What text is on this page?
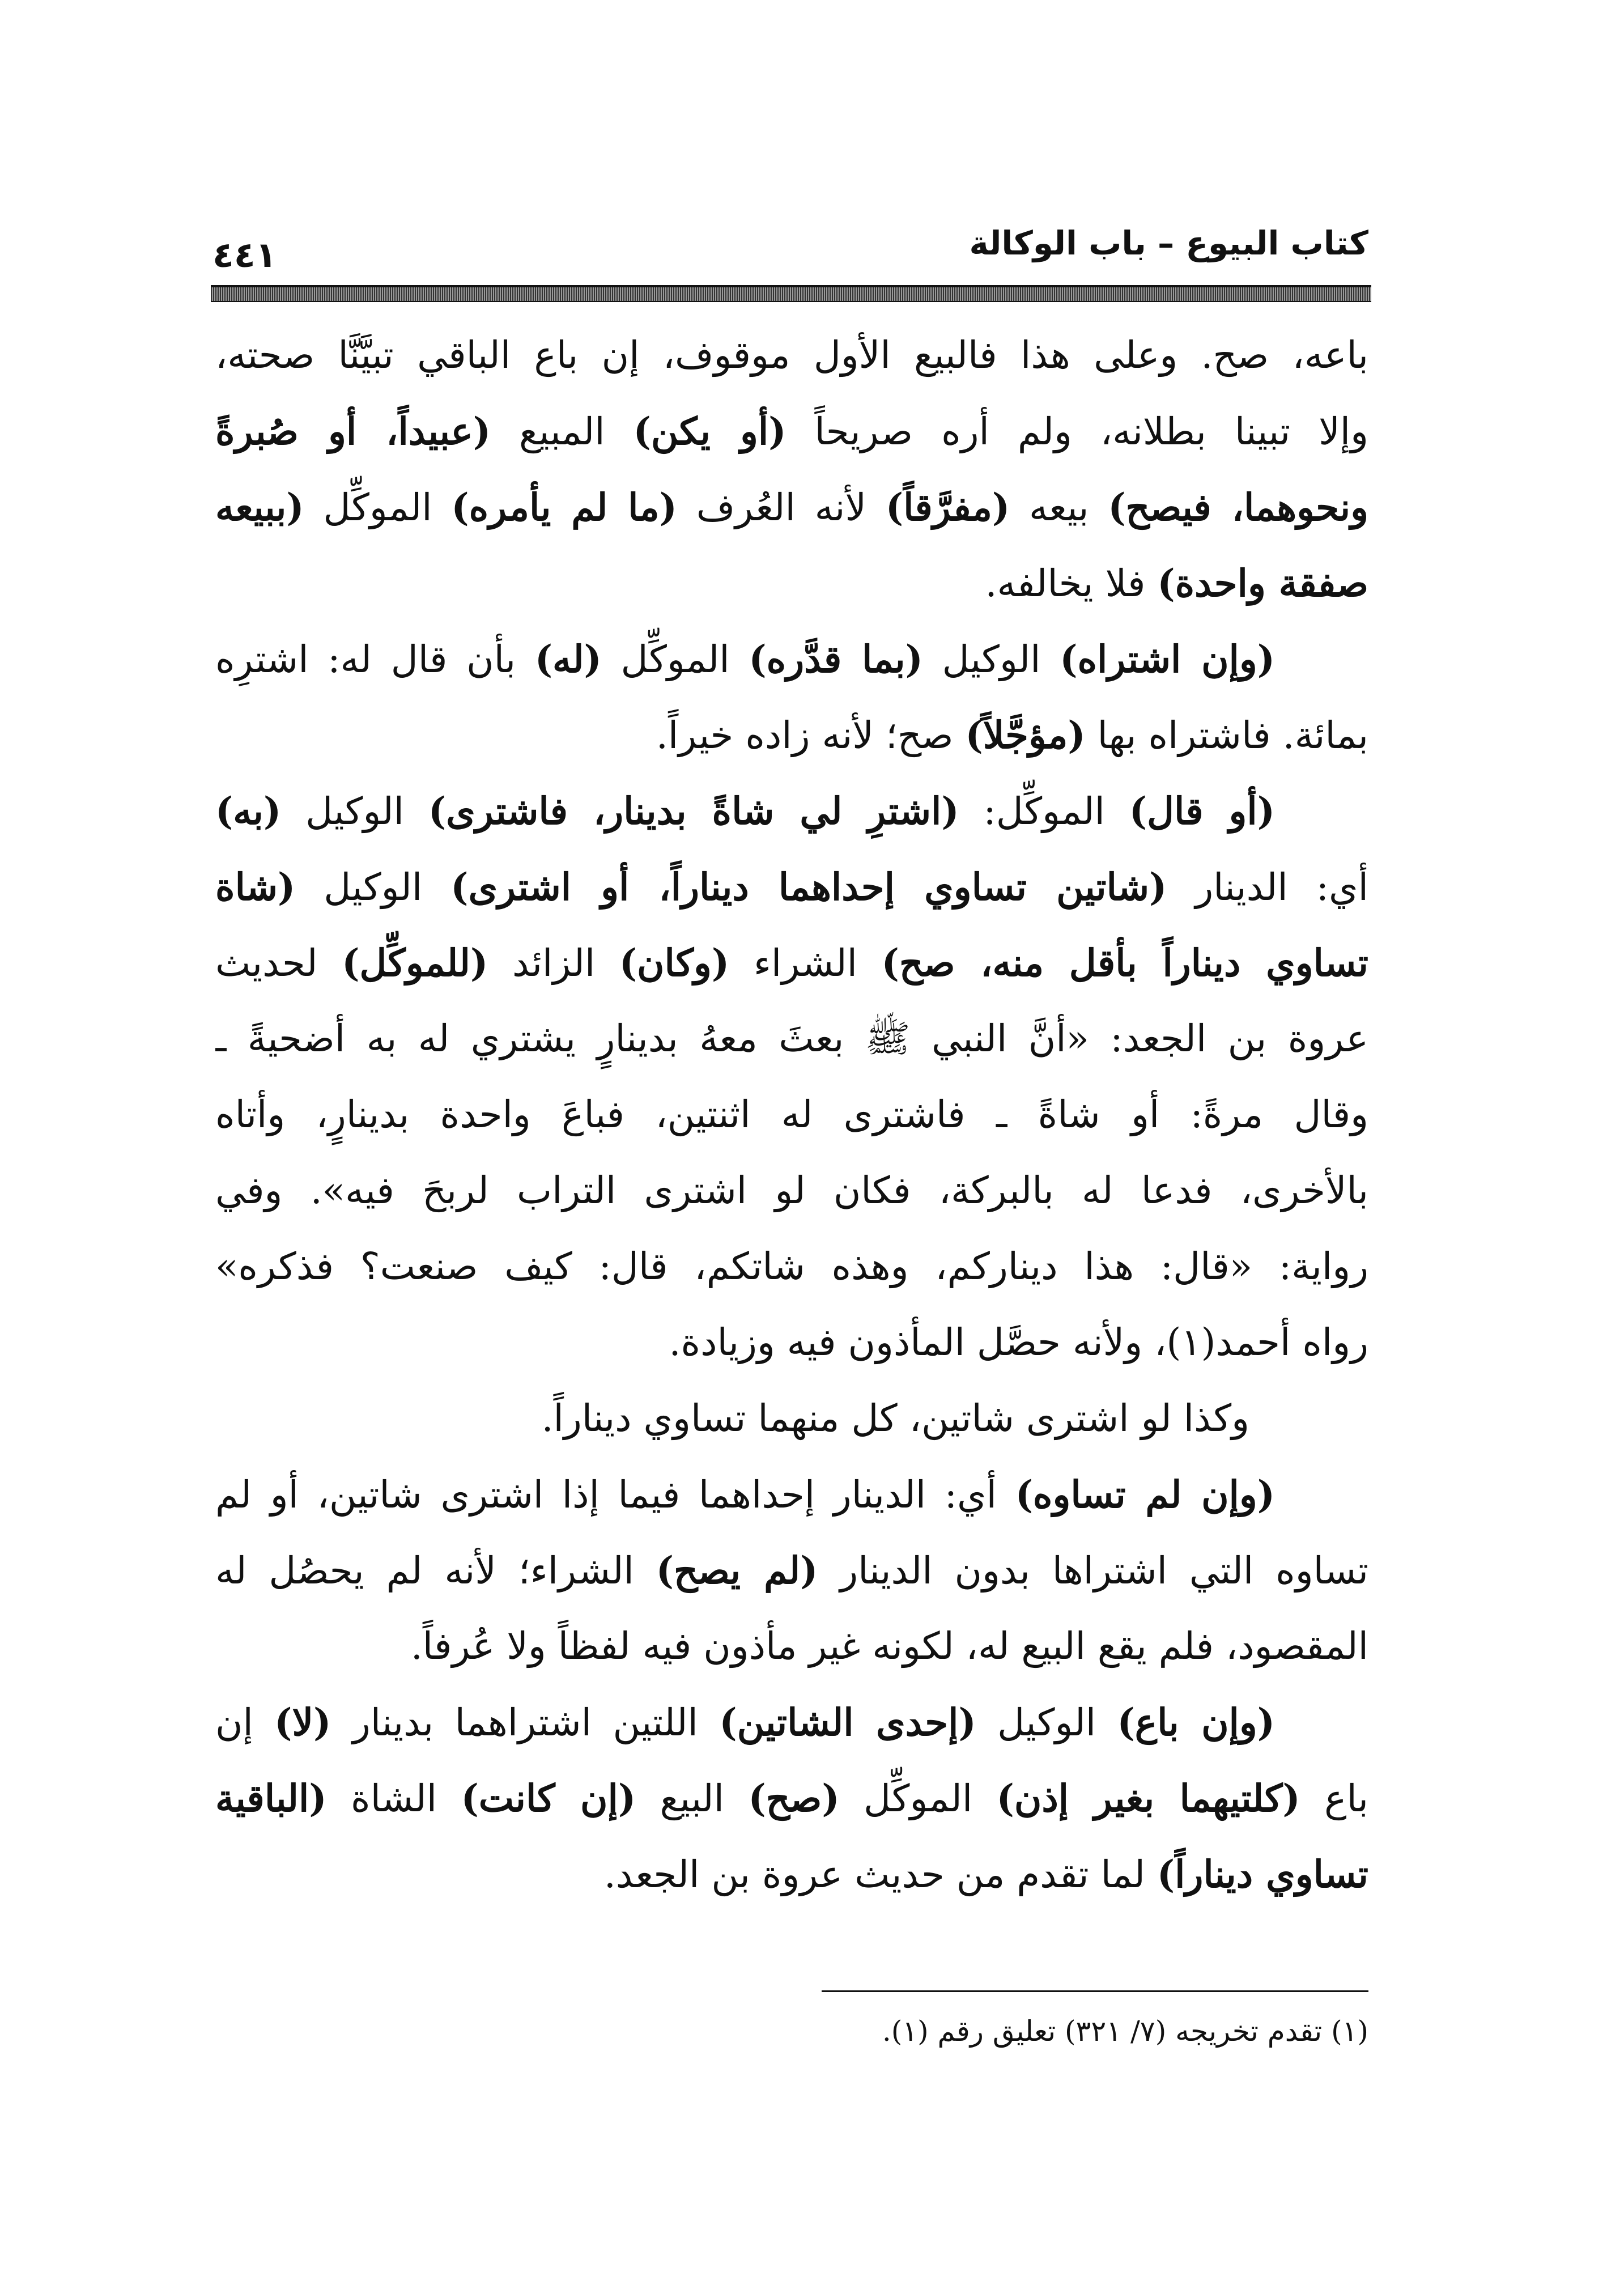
كتاب البيوع – باب الوكالة
٤٤١
باعه، صح. وعلى هذا فالبيع الأول موقوف، إن باع الباقي تبيَّنَّا صحته،
وإلا تبينا بطلانه، ولم أره صريحاً (أو يكن) المبيع (عبيداً، أو صُبرةً
ونحوهما، فيصح) بيعه (مفرَّقاً) لأنه العُرف (ما لم يأمره) الموكِّل (ببيعه
صفقة واحدة) فلا يخالفه.
(وإن اشتراه) الوكيل (بما قدَّره) الموكِّل (له) بأن قال له: اشترِه
بمائة. فاشتراه بها (مؤجَّلاً) صح؛ لأنه زاده خيراً.
(أو قال) الموكِّل: (اشترِ لي شاةً بدينار، فاشترى) الوكيل (به)
أي: الدينار (شاتين تساوي إحداهما ديناراً، أو اشترى) الوكيل (شاة
تساوي ديناراً بأقل منه، صح) الشراء (وكان) الزائد (للموكِّل) لحديث
عروة بن الجعد: «أنَّ النبي ﷺ بعثَ معهُ بدينارٍ يشتري له به أضحيةً ـ
وقال مرةً: أو شاةً ـ فاشترى له اثنتين، فباعَ واحدة بدينارٍ، وأتاه
بالأخرى، فدعا له بالبركة، فكان لو اشترى التراب لربحَ فيه». وفي
رواية: «قال: هذا ديناركم، وهذه شاتكم، قال: كيف صنعت؟ فذكره»
رواه أحمد(١)، ولأنه حصَّل المأذون فيه وزيادة.
وكذا لو اشترى شاتين، كل منهما تساوي ديناراً.
(وإن لم تساوه) أي: الدينار إحداهما فيما إذا اشترى شاتين، أو لم
تساوه التي اشتراها بدون الدينار (لم يصح) الشراء؛ لأنه لم يحصُل له
المقصود، فلم يقع البيع له، لكونه غير مأذون فيه لفظاً ولا عُرفاً.
(وإن باع) الوكيل (إحدى الشاتين) اللتين اشتراهما بدينار (لا) إن
باع (كلتيهما بغير إذن) الموكِّل (صح) البيع (إن كانت) الشاة (الباقية
تساوي ديناراً) لما تقدم من حديث عروة بن الجعد.
(١) تقدم تخريجه (٧/ ٣٢١) تعليق رقم (١).
